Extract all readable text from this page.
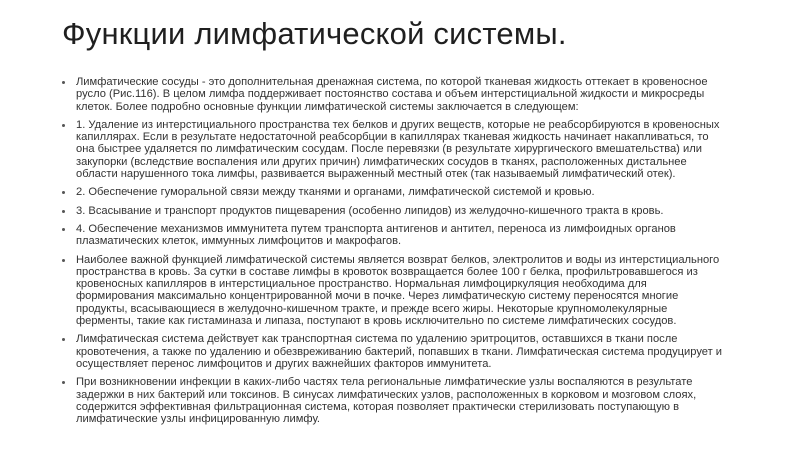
Функции лимфатической системы.
Лимфатические сосуды - это дополнительная дренажная система, по которой тканевая жидкость оттекает в кровеносное русло (Рис.116). В целом лимфа поддерживает постоянство состава и объем интерстициальной жидкости и микросреды клеток. Более подробно основные функции лимфатической системы заключается в следующем:
1. Удаление из интерстициального пространства тех белков и других веществ, которые не реабсорбируются в кровеносных капиллярах. Если в результате недостаточной реабсорбции в капиллярах тканевая жидкость начинает накапливаться, то она быстрее удаляется по лимфатическим сосудам. После перевязки (в результате хирургического вмешательства) или закупорки (вследствие воспаления или других причин) лимфатических сосудов в тканях, расположенных дистальнее области нарушенного тока лимфы, развивается выраженный местный отек (так называемый лимфатический отек).
2. Обеспечение гуморальной связи между тканями и органами, лимфатической системой и кровью.
3. Всасывание и транспорт продуктов пищеварения (особенно липидов) из желудочно-кишечного тракта в кровь.
4. Обеспечение механизмов иммунитета путем транспорта антигенов и антител, переноса из лимфоидных органов плазматических клеток, иммунных лимфоцитов и макрофагов.
Наиболее важной функцией лимфатической системы является возврат белков, электролитов и воды из интерстициального пространства в кровь. За сутки в составе лимфы в кровоток возвращается более 100 г белка, профильтровавшегося из кровеносных капилляров в интерстициальное пространство. Нормальная лимфоциркуляция необходима для формирования максимально концентрированной мочи в почке. Через лимфатическую систему переносятся многие продукты, всасывающиеся в желудочно-кишечном тракте, и прежде всего жиры. Некоторые крупномолекулярные ферменты, такие как гистаминаза и липаза, поступают в кровь исключительно по системе лимфатических сосудов.
Лимфатическая система действует как транспортная система по удалению эритроцитов, оставшихся в ткани после кровотечения, а также по удалению и обезвреживанию бактерий, попавших в ткани. Лимфатическая система продуцирует и осуществляет перенос лимфоцитов и других важнейших факторов иммунитета.
При возникновении инфекции в каких-либо частях тела региональные лимфатические узлы воспаляются в результате задержки в них бактерий или токсинов. В синусах лимфатических узлов, расположенных в корковом и мозговом слоях, содержится эффективная фильтрационная система, которая позволяет практически стерилизовать поступающую в лимфатические узлы инфицированную лимфу.
